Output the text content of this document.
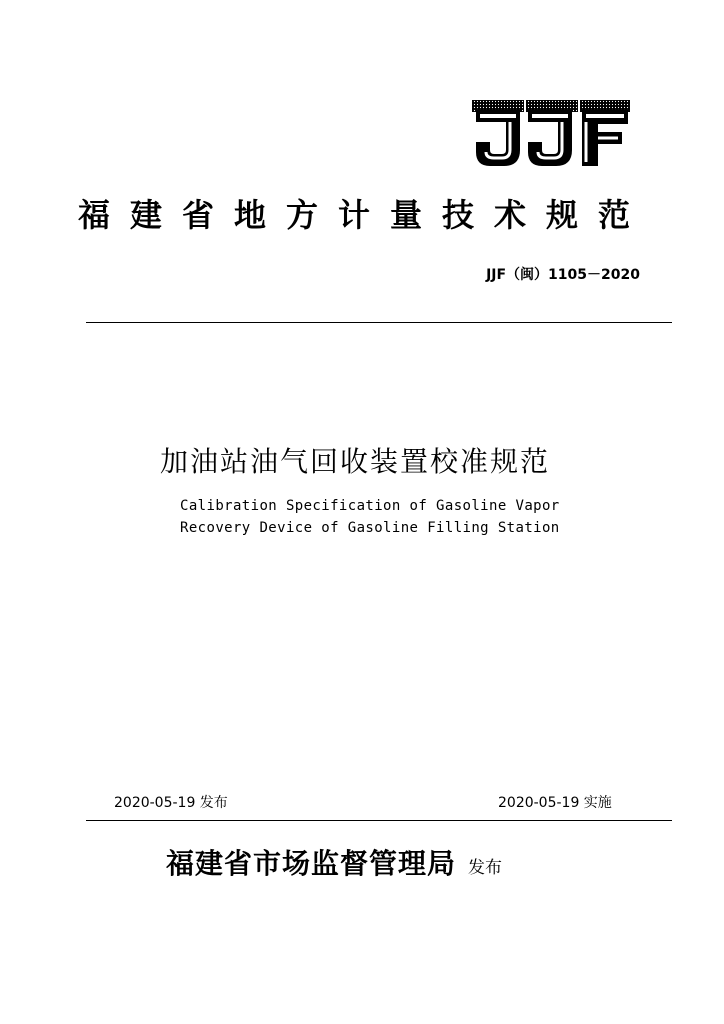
福建省地方计量技术规范
JJF（闽）1105－2020
加油站油气回收装置校准规范
Calibration Specification of Gasoline Vapor
Recovery Device of Gasoline Filling Station
2020-05-19 发布	2020-05-19 实施
福建省市场监督管理局 发布
